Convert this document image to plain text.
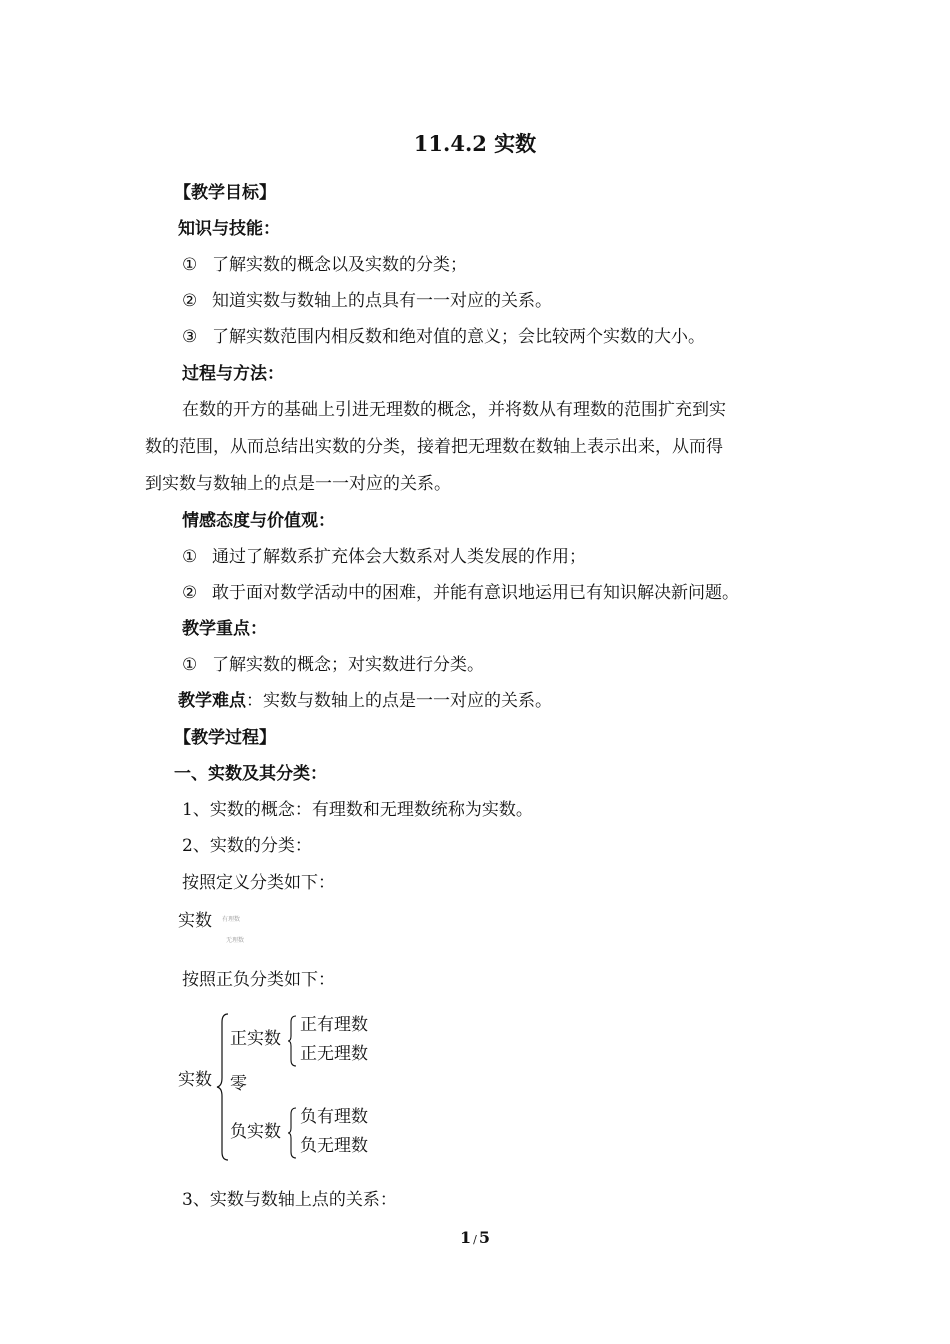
11.4.2 实数
【教学目标】
知识与技能：
① 了解实数的概念以及实数的分类；
② 知道实数与数轴上的点具有一一对应的关系。
③ 了解实数范围内相反数和绝对值的意义；会比较两个实数的大小。
过程与方法：
在数的开方的基础上引进无理数的概念，并将数从有理数的范围扩充到实
数的范围，从而总结出实数的分类，接着把无理数在数轴上表示出来，从而得
到实数与数轴上的点是一一对应的关系。
情感态度与价值观：
① 通过了解数系扩充体会大数系对人类发展的作用；
② 敢于面对数学活动中的困难，并能有意识地运用已有知识解决新问题。
教学重点：
① 了解实数的概念；对实数进行分类。
教学难点：实数与数轴上的点是一一对应的关系。
【教学过程】
一、实数及其分类：
1、实数的概念：有理数和无理数统称为实数。
2、实数的分类：
按照定义分类如下：
实数 有理数
无理数
按照正负分类如下：
实数
正实数
正有理数
正无理数
零
负实数
负有理数
负无理数
3、实数与数轴上点的关系：
1 / 5
